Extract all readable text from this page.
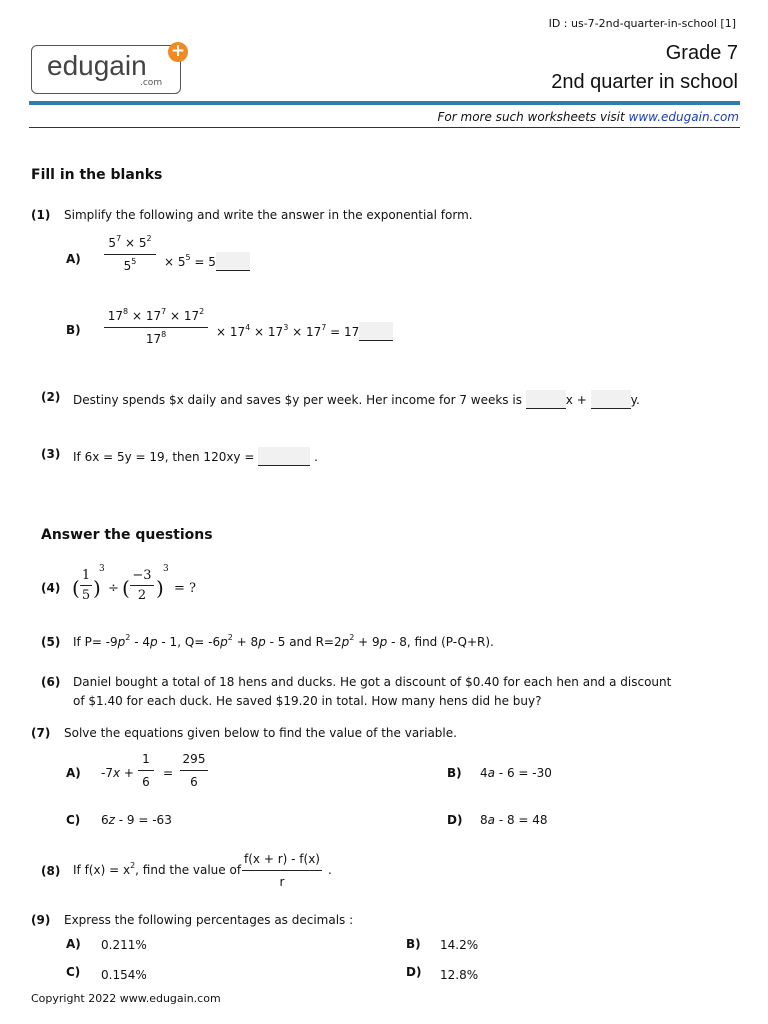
ID : us-7-2nd-quarter-in-school [1]
edugain
.com
+	Grade 7
2nd quarter in school
For more such worksheets visit www.edugain.com
Fill in the blanks
(1) Simplify the following and write the answer in the exponential form.
A)
$5^7 \times 5^2$
$5^5$	× $5^5 = 5$
B)
$17^8 \times 17^7 \times 17^2$
$17^8$	× $17^4 \times 17^3 \times 17^7 = 17$
(2) Destiny spends $x daily and saves $y per week. Her income for 7 weeks is	x +	y.
(3) If 6x = 5y = 19, then 120xy =	.
Answer the questions
(4) (
1
5 )
3
÷ (
−3
2 )
3
= ?
(5) If $P= -9p^2 - 4p - 1$, $Q= -6p^2 + 8p - 5$ and $R=2p^2 + 9p - 8$, find (P-Q+R).
(6) Daniel bought a total of 18 hens and ducks. He got a discount of $0.40 for each hen and a discount
of $1.40 for each duck. He saved $19.20 in total. How many hens did he buy?
(7) Solve the equations given below to find the value of the variable.
A) -7x +
1
6
=
295
6
B) 4a - 6 = -30
C) 6z - 9 = -63	D) 8a - 8 = 48
(8) If $f(x) = x^2$, find the value of
f(x + r) - f(x)
r
.
(9) Express the following percentages as decimals :
A) 0.211%	B) 14.2%
C) 0.154%	D) 12.8%
Copyright 2022 www.edugain.com
